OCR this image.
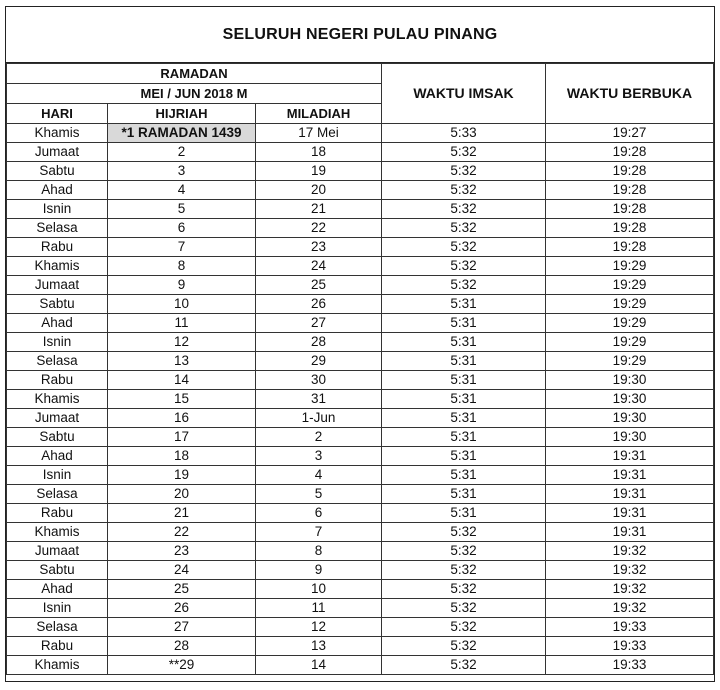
SELURUH NEGERI PULAU PINANG
RAMADAN			WAKTU IMSAK	WAKTU BERBUKA
MEI / JUN 2018 M				
HARI	HIJRIAH	MILADIAH		
Khamis	*1 RAMADAN 1439	17 Mei	5:33	19:27
Jumaat	2	18	5:32	19:28
Sabtu	3	19	5:32	19:28
Ahad	4	20	5:32	19:28
Isnin	5	21	5:32	19:28
Selasa	6	22	5:32	19:28
Rabu	7	23	5:32	19:28
Khamis	8	24	5:32	19:29
Jumaat	9	25	5:32	19:29
Sabtu	10	26	5:31	19:29
Ahad	11	27	5:31	19:29
Isnin	12	28	5:31	19:29
Selasa	13	29	5:31	19:29
Rabu	14	30	5:31	19:30
Khamis	15	31	5:31	19:30
Jumaat	16	1-Jun	5:31	19:30
Sabtu	17	2	5:31	19:30
Ahad	18	3	5:31	19:31
Isnin	19	4	5:31	19:31
Selasa	20	5	5:31	19:31
Rabu	21	6	5:31	19:31
Khamis	22	7	5:32	19:31
Jumaat	23	8	5:32	19:32
Sabtu	24	9	5:32	19:32
Ahad	25	10	5:32	19:32
Isnin	26	11	5:32	19:32
Selasa	27	12	5:32	19:33
Rabu	28	13	5:32	19:33
Khamis	**29	14	5:32	19:33
